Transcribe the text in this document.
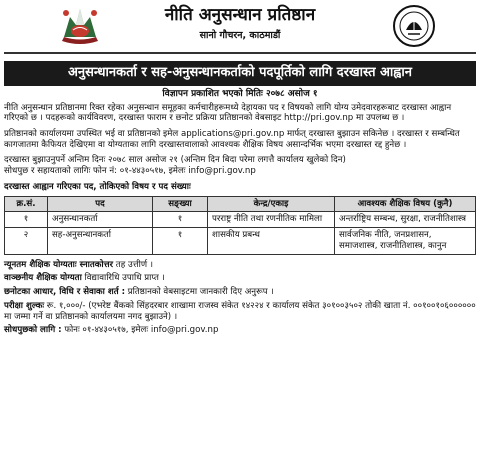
नीति अनुसन्धान प्रतिष्ठान
सानो गौचरन, काठमाडौं
अनुसन्धानकर्ता र सह-अनुसन्धानकर्ताको पदपूर्तिको लागि दरखास्त आह्वान
विज्ञापन प्रकाशित भएको मितिः २०७८ असोज १

नीति अनुसन्धान प्रतिष्ठानमा रिक्त रहेका अनुसन्धान समूहका कर्मचारीहरूमध्ये देहायका पद र विषयको लागि योग्य उमेदवारहरूबाट दरखास्त आह्वान गरिएको छ । पदहरूको कार्यविवरण, दरखास्त फाराम र छनोट प्रक्रिया प्रतिष्ठानको वेबसाइट http://pri.gov.np मा उपलब्ध छ ।

प्रतिष्ठानको कार्यालयमा उपस्थित भई वा प्रतिष्ठानको इमेल applications@pri.gov.np मार्फत् दरखास्त बुझाउन सकिनेछ । दरखास्त र सम्बन्धित कागजातमा कैफियत देखिएमा वा योग्यताका लागि दरखास्तवालाको आवश्यक शैक्षिक विषय असान्दर्भिक भएमा दरखास्त रद्द हुनेछ ।

दरखास्त बुझाउनुपर्ने अन्तिम दिनः २०७८ साल असोज २१ (अन्तिम दिन बिदा परेमा लगत्तै कार्यालय खुलेको दिन)

सोधपुछ र सहायताको लागिः फोन नं: ०१-४४३०५१७, इमेलः info@pri.gov.np

दरखास्त आह्वान गरिएका पद, तोकिएको विषय र पद संख्याः
क्र.सं.	पद	सङ्ख्या	केन्द्र/एकाइ	आवश्यक शैक्षिक विषय (कुनै)
१	अनुसन्धानकर्ता	१	परराष्ट्र नीति तथा रणनीतिक मामिला	अन्तर्राष्ट्रिय सम्बन्ध, सुरक्षा, राजनीतिशास्त्र
२	सह-अनुसन्धानकर्ता	१	शासकीय प्रबन्ध	सार्वजनिक नीति, जनप्रशासन, समाजशास्त्र, राजनीतिशास्त्र, कानुन

न्यूनतम शैक्षिक योग्यताः स्नातकोत्तर तह उत्तीर्ण ।

वाञ्छनीय शैक्षिक योग्यता विद्यावारिधि उपाधि प्राप्त ।

छनोटका आधार, विधि र सेवाका शर्त : प्रतिष्ठानको वेबसाइटमा जानकारी दिए अनुरूप ।

परीक्षा शुल्कः रू. १,०००/- (एभरेष्ट बैंकको सिंहदरबार शाखामा राजस्व संकेत १४२२४ र कार्यालय संकेत ३०१००३५०२ तोकी खाता नं. ००१००१०६०००००० मा जम्मा गर्ने वा प्रतिष्ठानको कार्यालयमा नगद बुझाउने) ।

सोधपुछको लागि : फोनः ०१-४४३०५१७, इमेलः info@pri.gov.np
